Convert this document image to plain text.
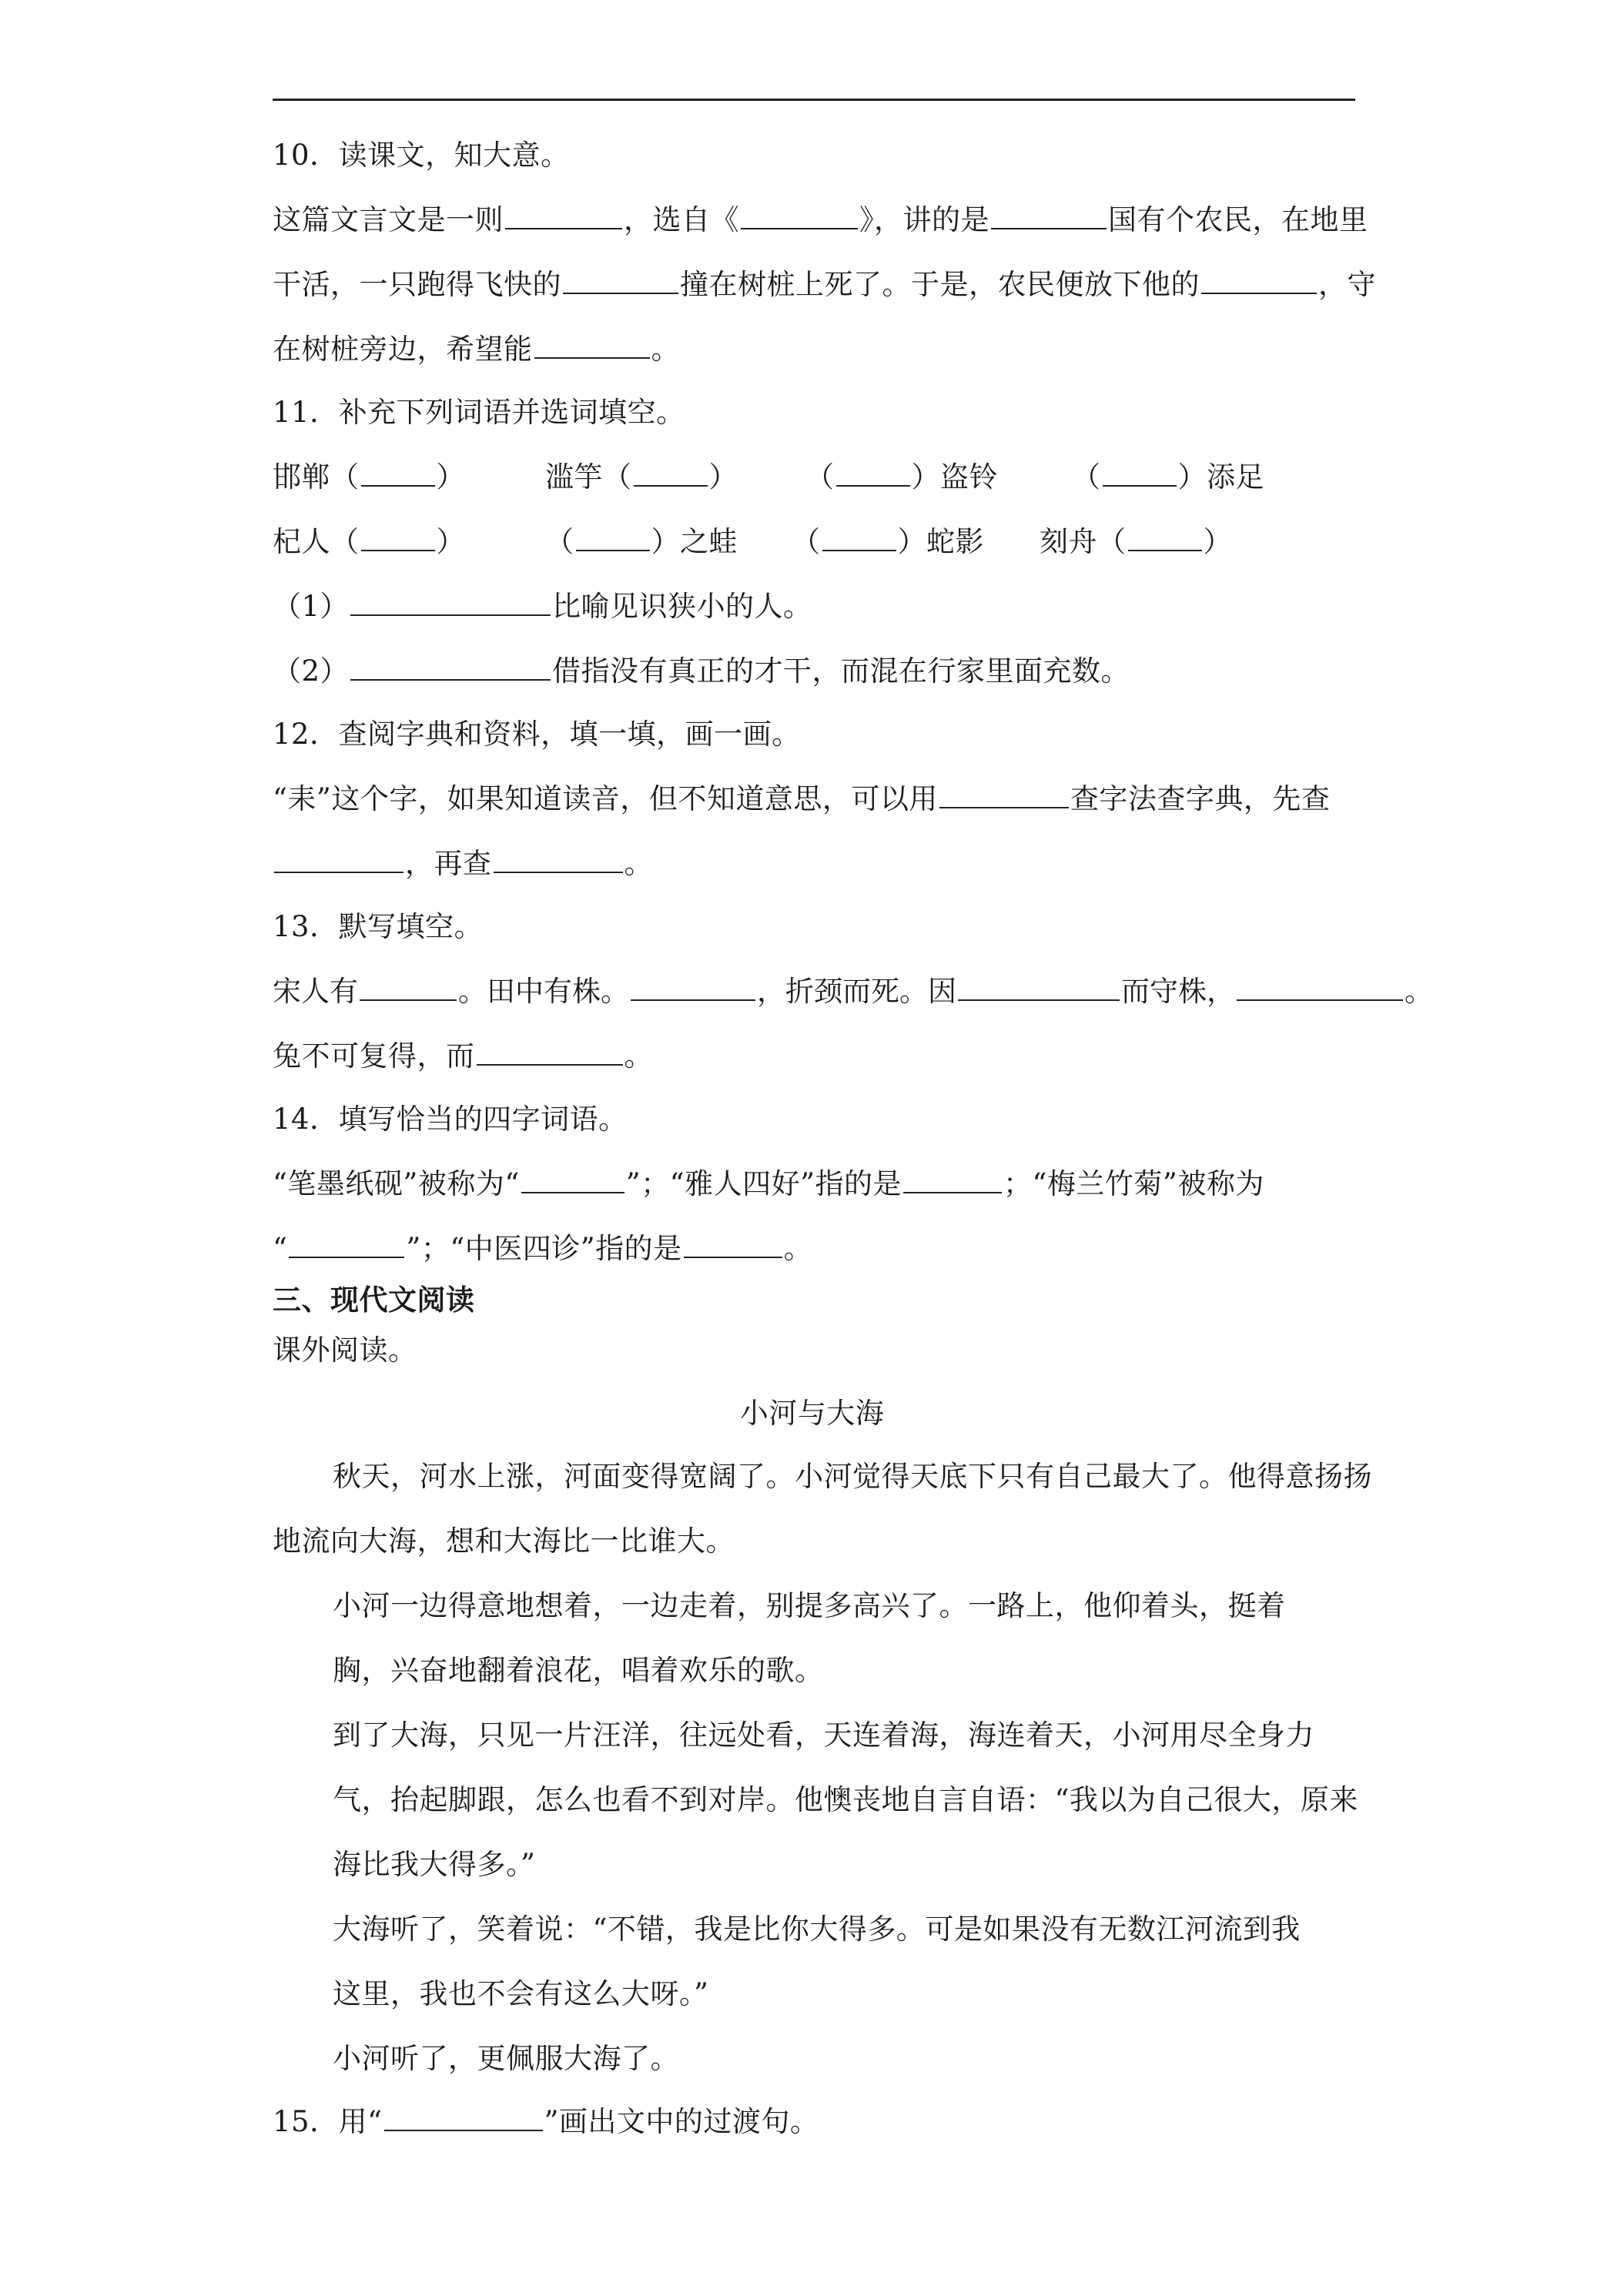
10．读课文，知大意。
这篇文言文是一则	，选自《	》，讲的是	国有个农民，在地里
干活，一只跑得飞快的	撞在树桩上死了。于是，农民便放下他的	，守
在树桩旁边，希望能	。
11．补充下列词语并选词填空。
邯郸（	）	滥竽（	） （	）盗铃	（	）添足
杞人（	）	（	）之蛙 （	）蛇影 刻舟（	）
（1）	比喻见识狭小的人。
（2）	借指没有真正的才干，而混在行家里面充数。
12．查阅字典和资料，填一填，画一画。
“耒”这个字，如果知道读音，但不知道意思，可以用	查字法查字典，先查
，再查	。
13．默写填空。
宋人有	。田中有株。	，折颈而死。因	而守株，	。
兔不可复得，而	。
14．填写恰当的四字词语。
“笔墨纸砚”被称为“	”；“雅人四好”指的是	；“梅兰竹菊”被称为
“	”；“中医四诊”指的是	。
三、现代文阅读
课外阅读。
小河与大海
秋天，河水上涨，河面变得宽阔了。小河觉得天底下只有自己最大了。他得意扬扬
地流向大海，想和大海比一比谁大。
小河一边得意地想着，一边走着，别提多高兴了。一路上，他仰着头，挺着
胸，兴奋地翻着浪花，唱着欢乐的歌。
到了大海，只见一片汪洋，往远处看，天连着海，海连着天，小河用尽全身力
气，抬起脚跟，怎么也看不到对岸。他懊丧地自言自语：“我以为自己很大，原来
海比我大得多。”
大海听了，笑着说：“不错，我是比你大得多。可是如果没有无数江河流到我
这里，我也不会有这么大呀。”
小河听了，更佩服大海了。
15．用“	”画出文中的过渡句。
